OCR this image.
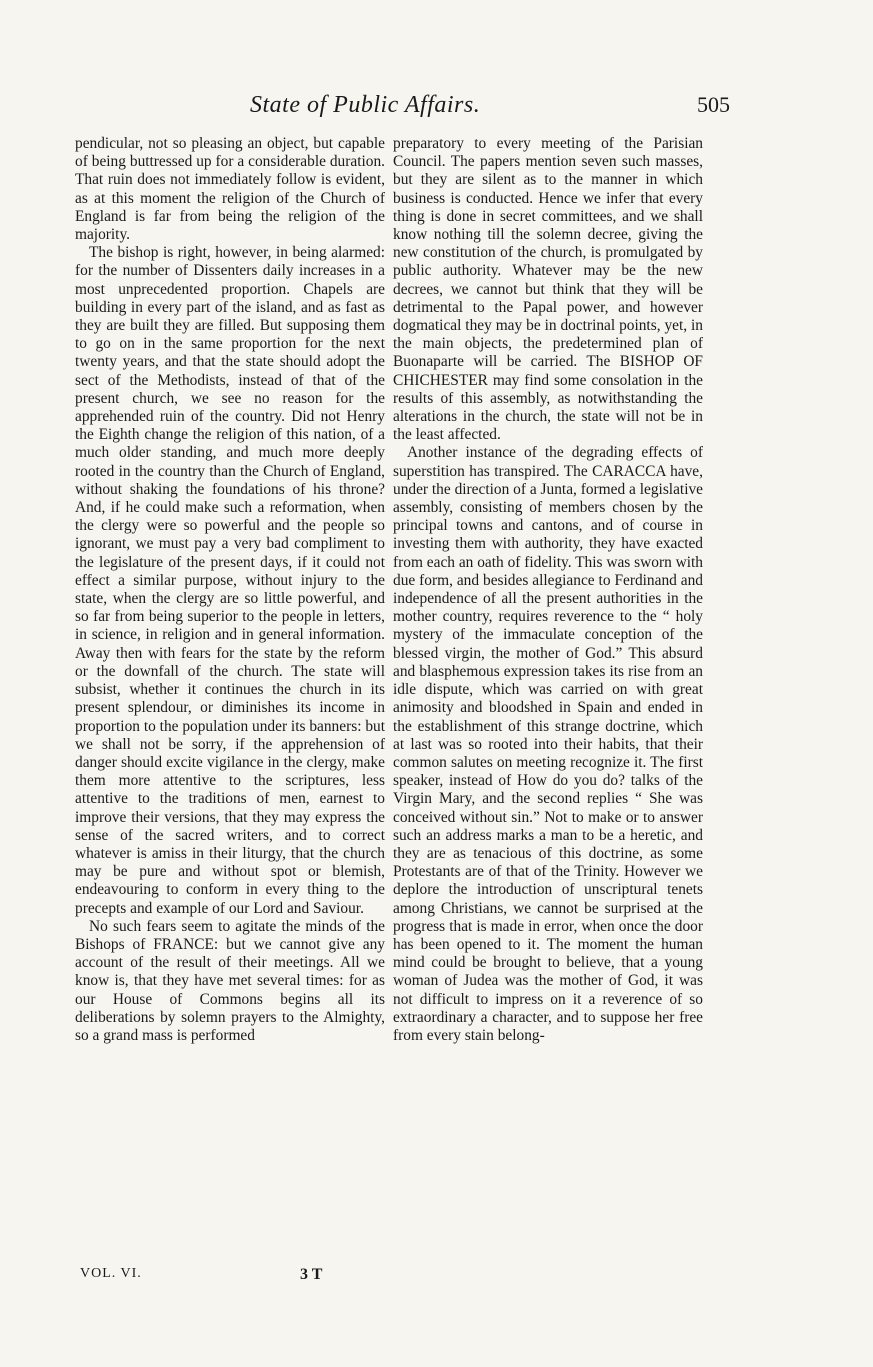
State of Public Affairs.	505

pendicular, not so pleasing an object, but capable of being buttressed up for a considerable duration. That ruin does not immediately follow is evident, as at this moment the religion of the Church of England is far from being the religion of the majority.

The bishop is right, however, in being alarmed: for the number of Dissenters daily increases in a most unprecedented proportion. Chapels are building in every part of the island, and as fast as they are built they are filled. But supposing them to go on in the same proportion for the next twenty years, and that the state should adopt the sect of the Methodists, instead of that of the present church, we see no reason for the apprehended ruin of the country. Did not Henry the Eighth change the religion of this nation, of a much older standing, and much more deeply rooted in the country than the Church of England, without shaking the foundations of his throne? And, if he could make such a reformation, when the clergy were so powerful and the people so ignorant, we must pay a very bad compliment to the legislature of the present days, if it could not effect a similar purpose, without injury to the state, when the clergy are so little powerful, and so far from being superior to the people in letters, in science, in religion and in general information. Away then with fears for the state by the reform or the downfall of the church. The state will subsist, whether it continues the church in its present splendour, or diminishes its income in proportion to the population under its banners: but we shall not be sorry, if the apprehension of danger should excite vigilance in the clergy, make them more attentive to the scriptures, less attentive to the traditions of men, earnest to improve their versions, that they may express the sense of the sacred writers, and to correct whatever is amiss in their liturgy, that the church may be pure and without spot or blemish, endeavouring to conform in every thing to the precepts and example of our Lord and Saviour.

No such fears seem to agitate the minds of the Bishops of FRANCE: but we cannot give any account of the result of their meetings. All we know is, that they have met several times: for as our House of Commons begins all its deliberations by solemn prayers to the Almighty, so a grand mass is performed

preparatory to every meeting of the Parisian Council. The papers mention seven such masses, but they are silent as to the manner in which business is conducted. Hence we infer that every thing is done in secret committees, and we shall know nothing till the solemn decree, giving the new constitution of the church, is promulgated by public authority. Whatever may be the new decrees, we cannot but think that they will be detrimental to the Papal power, and however dogmatical they may be in doctrinal points, yet, in the main objects, the predetermined plan of Buonaparte will be carried. The BISHOP OF CHICHESTER may find some consolation in the results of this assembly, as notwithstanding the alterations in the church, the state will not be in the least affected.

Another instance of the degrading effects of superstition has transpired. The CARACCA have, under the direction of a Junta, formed a legislative assembly, consisting of members chosen by the principal towns and cantons, and of course in investing them with authority, they have exacted from each an oath of fidelity. This was sworn with due form, and besides allegiance to Ferdinand and independence of all the present authorities in the mother country, requires reverence to the “ holy mystery of the immaculate conception of the blessed virgin, the mother of God.” This absurd and blasphemous expression takes its rise from an idle dispute, which was carried on with great animosity and bloodshed in Spain and ended in the establishment of this strange doctrine, which at last was so rooted into their habits, that their common salutes on meeting recognize it. The first speaker, instead of How do you do? talks of the Virgin Mary, and the second replies “ She was conceived without sin.” Not to make or to answer such an address marks a man to be a heretic, and they are as tenacious of this doctrine, as some Protestants are of that of the Trinity. However we deplore the introduction of unscriptural tenets among Christians, we cannot be surprised at the progress that is made in error, when once the door has been opened to it. The moment the human mind could be brought to believe, that a young woman of Judea was the mother of God, it was not difficult to impress on it a reverence of so extraordinary a character, and to suppose her free from every stain belong-

VOL. VI.	3 T
